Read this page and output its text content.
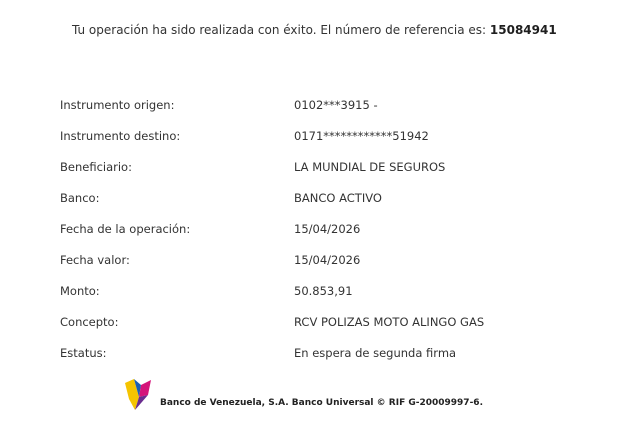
Tu operación ha sido realizada con éxito. El número de referencia es: 15084941
Instrumento origen:	0102***3915 -
Instrumento destino:	0171************51942
Beneficiario:	LA MUNDIAL DE SEGUROS
Banco:	BANCO ACTIVO
Fecha de la operación:	15/04/2026
Fecha valor:	15/04/2026
Monto:	50.853,91
Concepto:	RCV POLIZAS MOTO ALINGO GAS
Estatus:	En espera de segunda firma
Banco de Venezuela, S.A. Banco Universal © RIF G-20009997-6.
